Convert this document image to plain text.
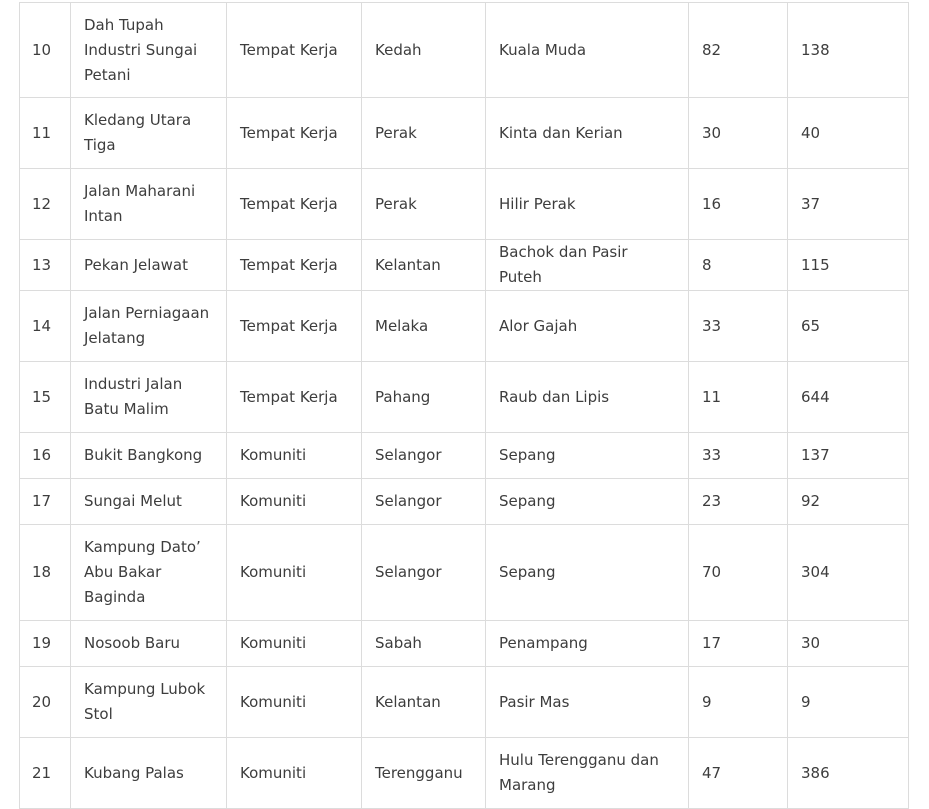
10	Dah Tupah Industri Sungai Petani	Tempat Kerja	Kedah	Kuala Muda	82	138
11	Kledang Utara Tiga	Tempat Kerja	Perak	Kinta dan Kerian	30	40
12	Jalan Maharani Intan	Tempat Kerja	Perak	Hilir Perak	16	37
13	Pekan Jelawat	Tempat Kerja	Kelantan	Bachok dan Pasir Puteh	8	115
14	Jalan Perniagaan Jelatang	Tempat Kerja	Melaka	Alor Gajah	33	65
15	Industri Jalan Batu Malim	Tempat Kerja	Pahang	Raub dan Lipis	11	644
16	Bukit Bangkong	Komuniti	Selangor	Sepang	33	137
17	Sungai Melut	Komuniti	Selangor	Sepang	23	92
18	Kampung Dato’ Abu Bakar Baginda	Komuniti	Selangor	Sepang	70	304
19	Nosoob Baru	Komuniti	Sabah	Penampang	17	30
20	Kampung Lubok Stol	Komuniti	Kelantan	Pasir Mas	9	9
21	Kubang Palas	Komuniti	Terengganu	Hulu Terengganu dan Marang	47	386
